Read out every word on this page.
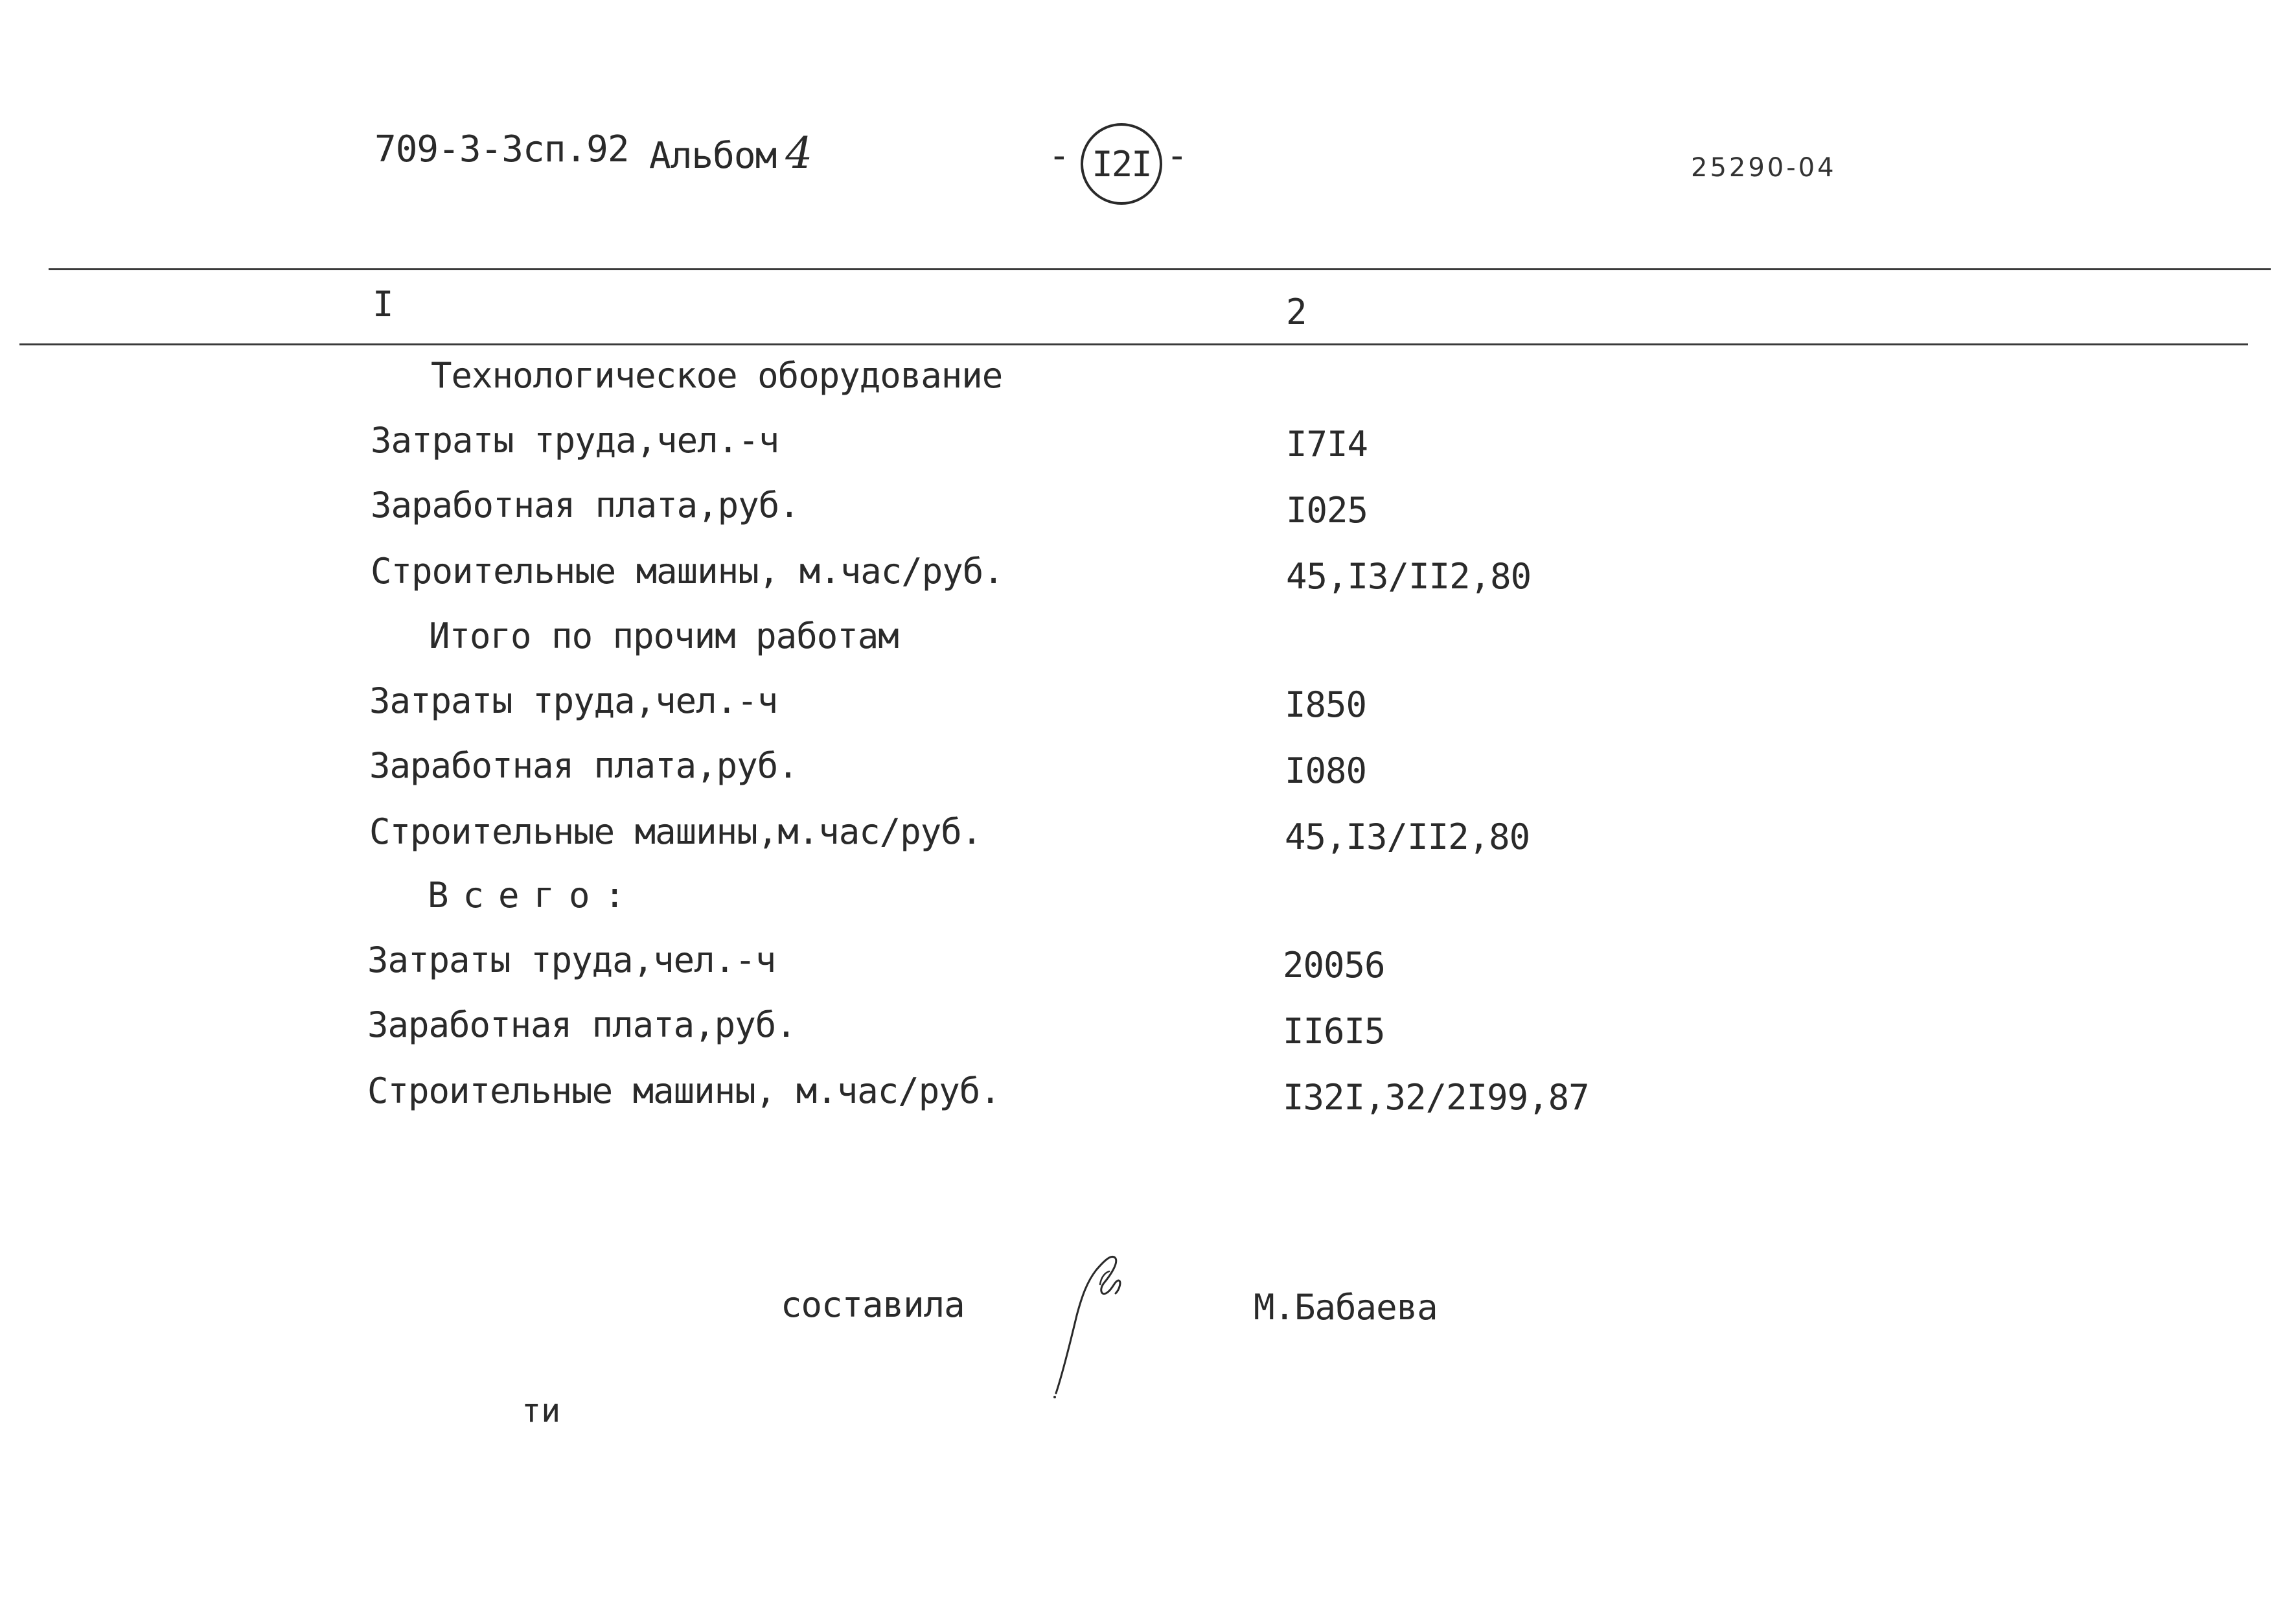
709-3-3сп.92 Альбом 4	- I2I -	25290-04
I	2
Технологическое оборудование
Затраты труда,чел.-ч	I7I4
Заработная плата,руб.	I025
Строительные машины, м.час/руб.	45,I3/II2,80
Итого по прочим работам
Затраты труда,чел.-ч	I850
Заработная плата,руб.	I080
Строительные машины,м.час/руб.	45,I3/II2,80
Всего:
Затраты труда,чел.-ч	20056
Заработная плата,руб.	II6I5
Строительные машины, м.час/руб.	I32I,32/2I99,87
составила	М.Бабаева
ти
